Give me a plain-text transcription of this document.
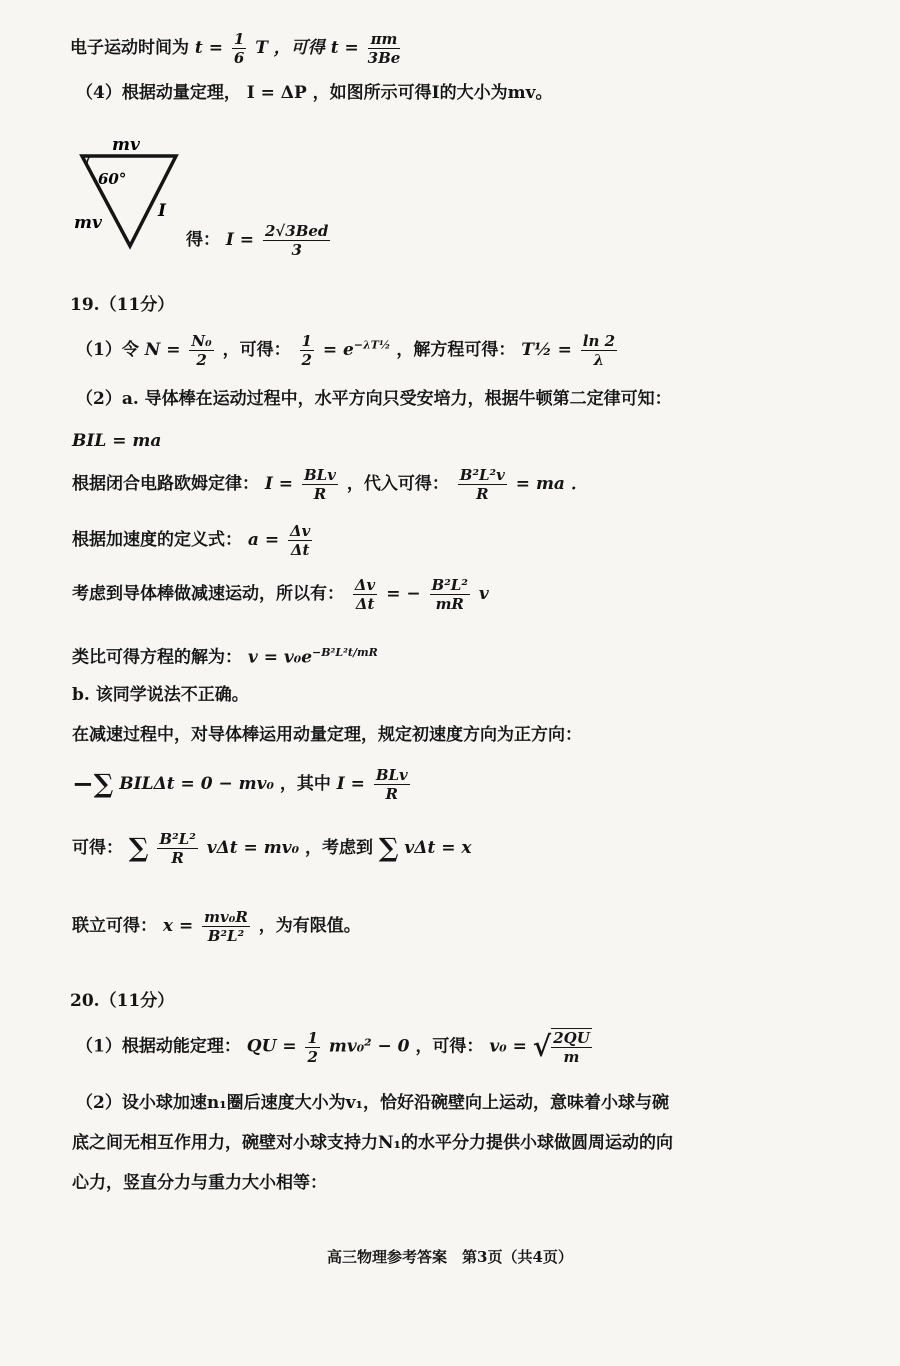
电子运动时间为 $t = \frac{1}{6}$ T ，可得 $t = \frac{\pi m}{3Be}$
（4）根据动量定理， I = ΔP ，如图所示可得I的大小为mv。
mv
60°
mv
I
得： $I = \frac{\text{2√3Bed}}{3}$
19.（11分）
（1）令 $N = \frac{\text{N₀}}{2}$ ，可得： $\frac{1}{2} = e^{-\lambda T\frac{1}{2}}$ ，解方程可得： T½ = $\frac{\ln 2}{\lambda}$
（2）a. 导体棒在运动过程中，水平方向只受安培力，根据牛顿第二定律可知：
BIL = ma
根据闭合电路欧姆定律： $I = \frac{\text{BLv}}{R}$ ，代入可得： $\frac{\text{B²L²v}}{R}$ = ma ．
根据加速度的定义式： $a = \frac{\Delta v}{\Delta t}$
考虑到导体棒做减速运动，所以有： $\frac{\Delta v}{\Delta t}$ = − $\frac{\text{B²L²}}{mR}$ v
类比可得方程的解为： $v = v_0e^{-B^2L^2t/mR}$
b. 该同学说法不正确。
在减速过程中，对导体棒运用动量定理，规定初速度方向为正方向：
−∑ BILΔt = 0 − mv₀ ，其中 $I = \frac{\text{BLv}}{R}$
可得： ∑ $\frac{\text{B²L²}}{R}$ vΔt = mv₀ ，考虑到 ∑ vΔt = x
联立可得： $x = \frac{\text{mv₀R}}{\text{B²L²}}$ ，为有限值。
20.（11分）
（1）根据动能定理： QU = $\frac{1}{2} mv_0^2 - 0$ ，可得： v₀ = √ $\frac{2QU}{m}$
（2）设小球加速n₁圈后速度大小为v₁，恰好沿碗壁向上运动，意味着小球与碗
底之间无相互作用力，碗壁对小球支持力N₁的水平分力提供小球做圆周运动的向
心力，竖直分力与重力大小相等：
高三物理参考答案　第3页（共4页）
